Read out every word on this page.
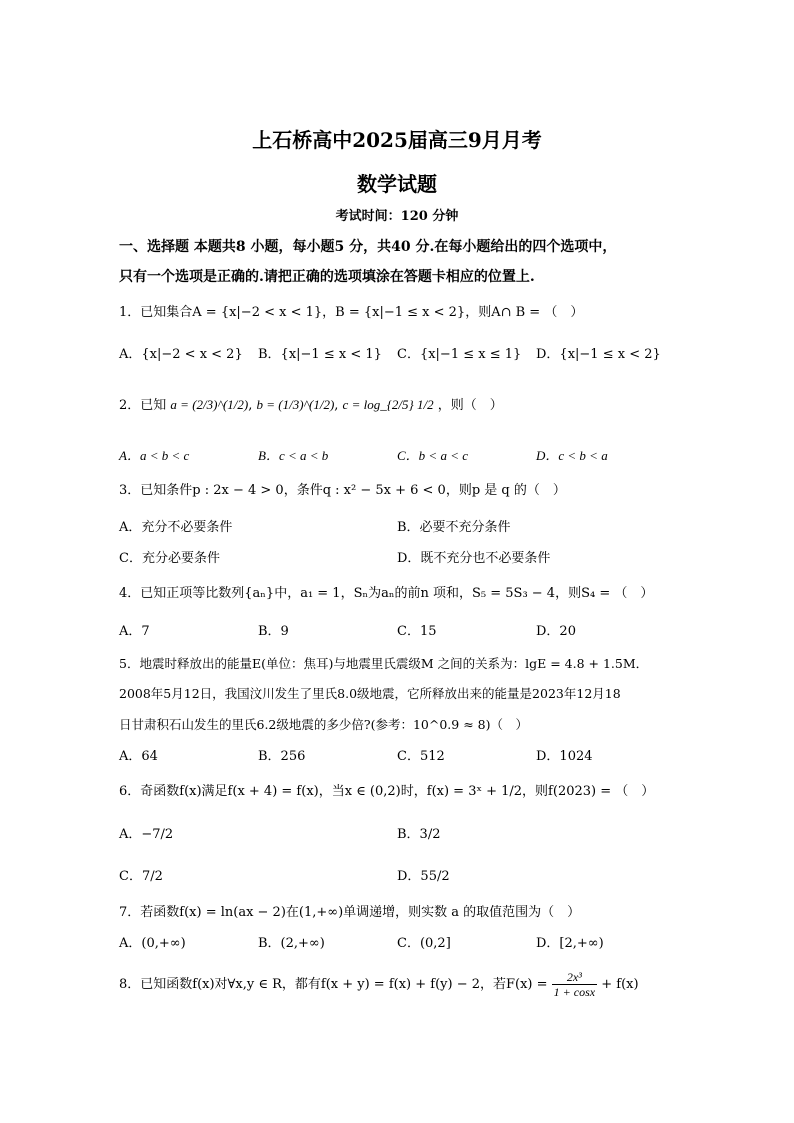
上石桥高中2025届高三9月月考
数学试题
考试时间：120 分钟
一、选择题 本题共8 小题，每小题5 分，共40 分.在每小题给出的四个选项中，
只有一个选项是正确的.请把正确的选项填涂在答题卡相应的位置上.
1．已知集合A = {x|−2 < x < 1}，B = {x|−1 ≤ x < 2}，则A∩ B = （　）
A．{x|−2 < x < 2} B．{x|−1 ≤ x < 1} C．{x|−1 ≤ x ≤ 1} D．{x|−1 ≤ x < 2}
2．已知 a = (2/3)^(1/2), b = (1/3)^(1/2), c = log_{2/5} 1/2 ，则（　）
A．a < b < c	B．c < a < b	C．b < a < c	D．c < b < a
3．已知条件p : 2x − 4 > 0，条件q : x² − 5x + 6 < 0，则p 是 q 的（　）
A．充分不必要条件	B．必要不充分条件
C．充分必要条件	D．既不充分也不必要条件
4．已知正项等比数列{aₙ}中，a₁ = 1，Sₙ为aₙ的前n 项和，S₅ = 5S₃ − 4，则S₄ = （　）
A．7	B．9	C．15	D．20
5．地震时释放出的能量E(单位：焦耳)与地震里氏震级M 之间的关系为：lgE = 4.8 + 1.5M．
2008年5月12日，我国汶川发生了里氏8.0级地震，它所释放出来的能量是2023年12月18
日甘肃积石山发生的里氏6.2级地震的多少倍?(参考：10^0.9 ≈ 8)（　）
A．64	B．256	C．512	D．1024
6．奇函数f(x)满足f(x + 4) = f(x)，当x ∈ (0,2)时，f(x) = 3ˣ + 1/2，则f(2023) = （　）
A．−7/2	B．3/2
C．7/2	D．55/2
7．若函数f(x) = ln(ax − 2)在(1,+∞)单调递增，则实数 a 的取值范围为（　）
A．(0,+∞)	B．(2,+∞)	C．(0,2]	D．[2,+∞)
8．已知函数f(x)对∀x,y ∈ R，都有f(x + y) = f(x) + f(y) − 2，若$F(x) = \frac{\text{2x³}}{1 + \cos x} + f(x)$
